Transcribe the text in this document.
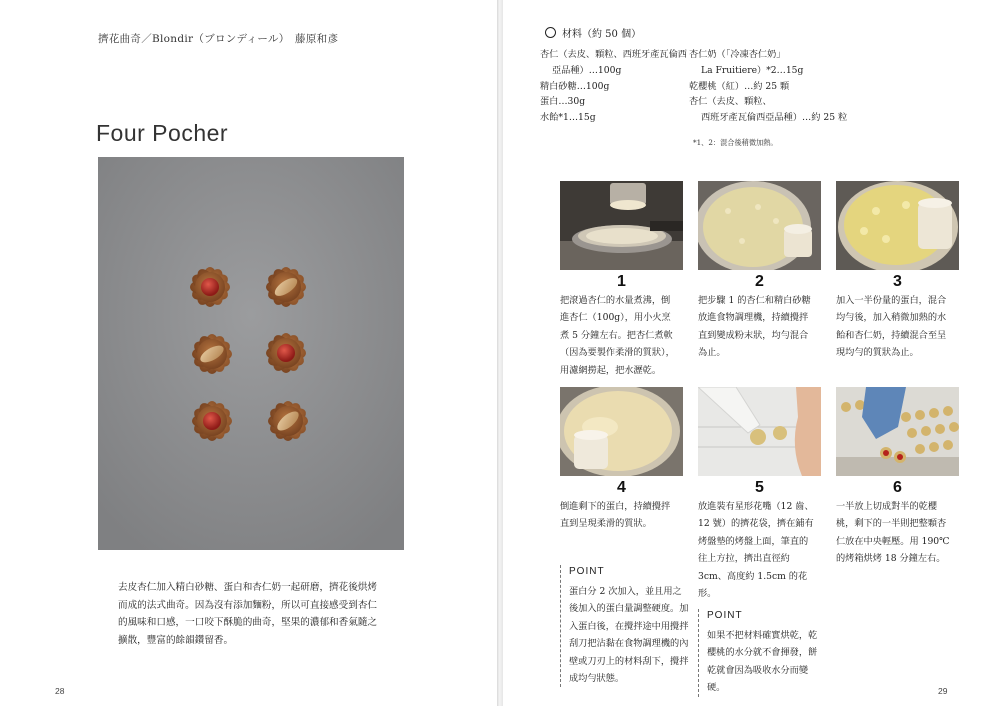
擠花曲奇／Blondir（ブロンディール）　藤原和彥
Four Pocher
去皮杏仁加入精白砂糖、蛋白和杏仁奶一起研磨，擠花後烘烤而成的法式曲奇。因為沒有添加麵粉，所以可直接感受到杏仁的風味和口感，一口咬下酥脆的曲奇，堅果的濃郁和香氣隨之擴散，豐富的餘韻鑽留香。
28
材料（約 50 個）
杏仁（去皮、顆粒、西班牙產瓦倫西
亞品種）…100g
精白砂糖…100g
蛋白…30g
水飴*1…15g
杏仁奶（「冷凍杏仁奶」
La Fruitiere）*2…15g
乾櫻桃（紅）…約 25 顆
杏仁（去皮、顆粒、
西班牙產瓦倫西亞品種）…約 25 粒
*1、2：混合後稍微加熱。
1	2	3
把滾過杏仁的水量煮沸，倒進杏仁（100g），用小火烹煮 5 分鐘左右。把杏仁煮軟（因為要製作柔滑的質狀），用濾網撈起，把水瀝乾。
把步驟 1 的杏仁和精白砂糖放進食物調理機，持續攪拌直到變成粉末狀，均勻混合為止。
加入一半份量的蛋白，混合均勻後，加入稍微加熱的水飴和杏仁奶，持續混合至呈現均勻的質狀為止。
4	5	6
倒進剩下的蛋白，持續攪拌直到呈現柔滑的質狀。
放進裝有星形花嘴（12 齒、12 號）的擠花袋，擠在鋪有烤盤墊的烤盤上面，筆直的往上方拉，擠出直徑約 3cm、高度約 1.5cm 的花形。
一半放上切成對半的乾櫻桃，剩下的一半則把整顆杏仁放在中央輕壓。用 190℃的烤箱烘烤 18 分鐘左右。
POINT
蛋白分 2 次加入，並且用之後加入的蛋白量調整硬度。加入蛋白後，在攪拌途中用攪拌刮刀把沾黏在食物調理機的內壁或刀刃上的材料刮下，攪拌成均勻狀態。
POINT
如果不把材料確實烘乾，乾櫻桃的水分就不會揮發，餅乾就會因為吸收水分而變硬。	29
